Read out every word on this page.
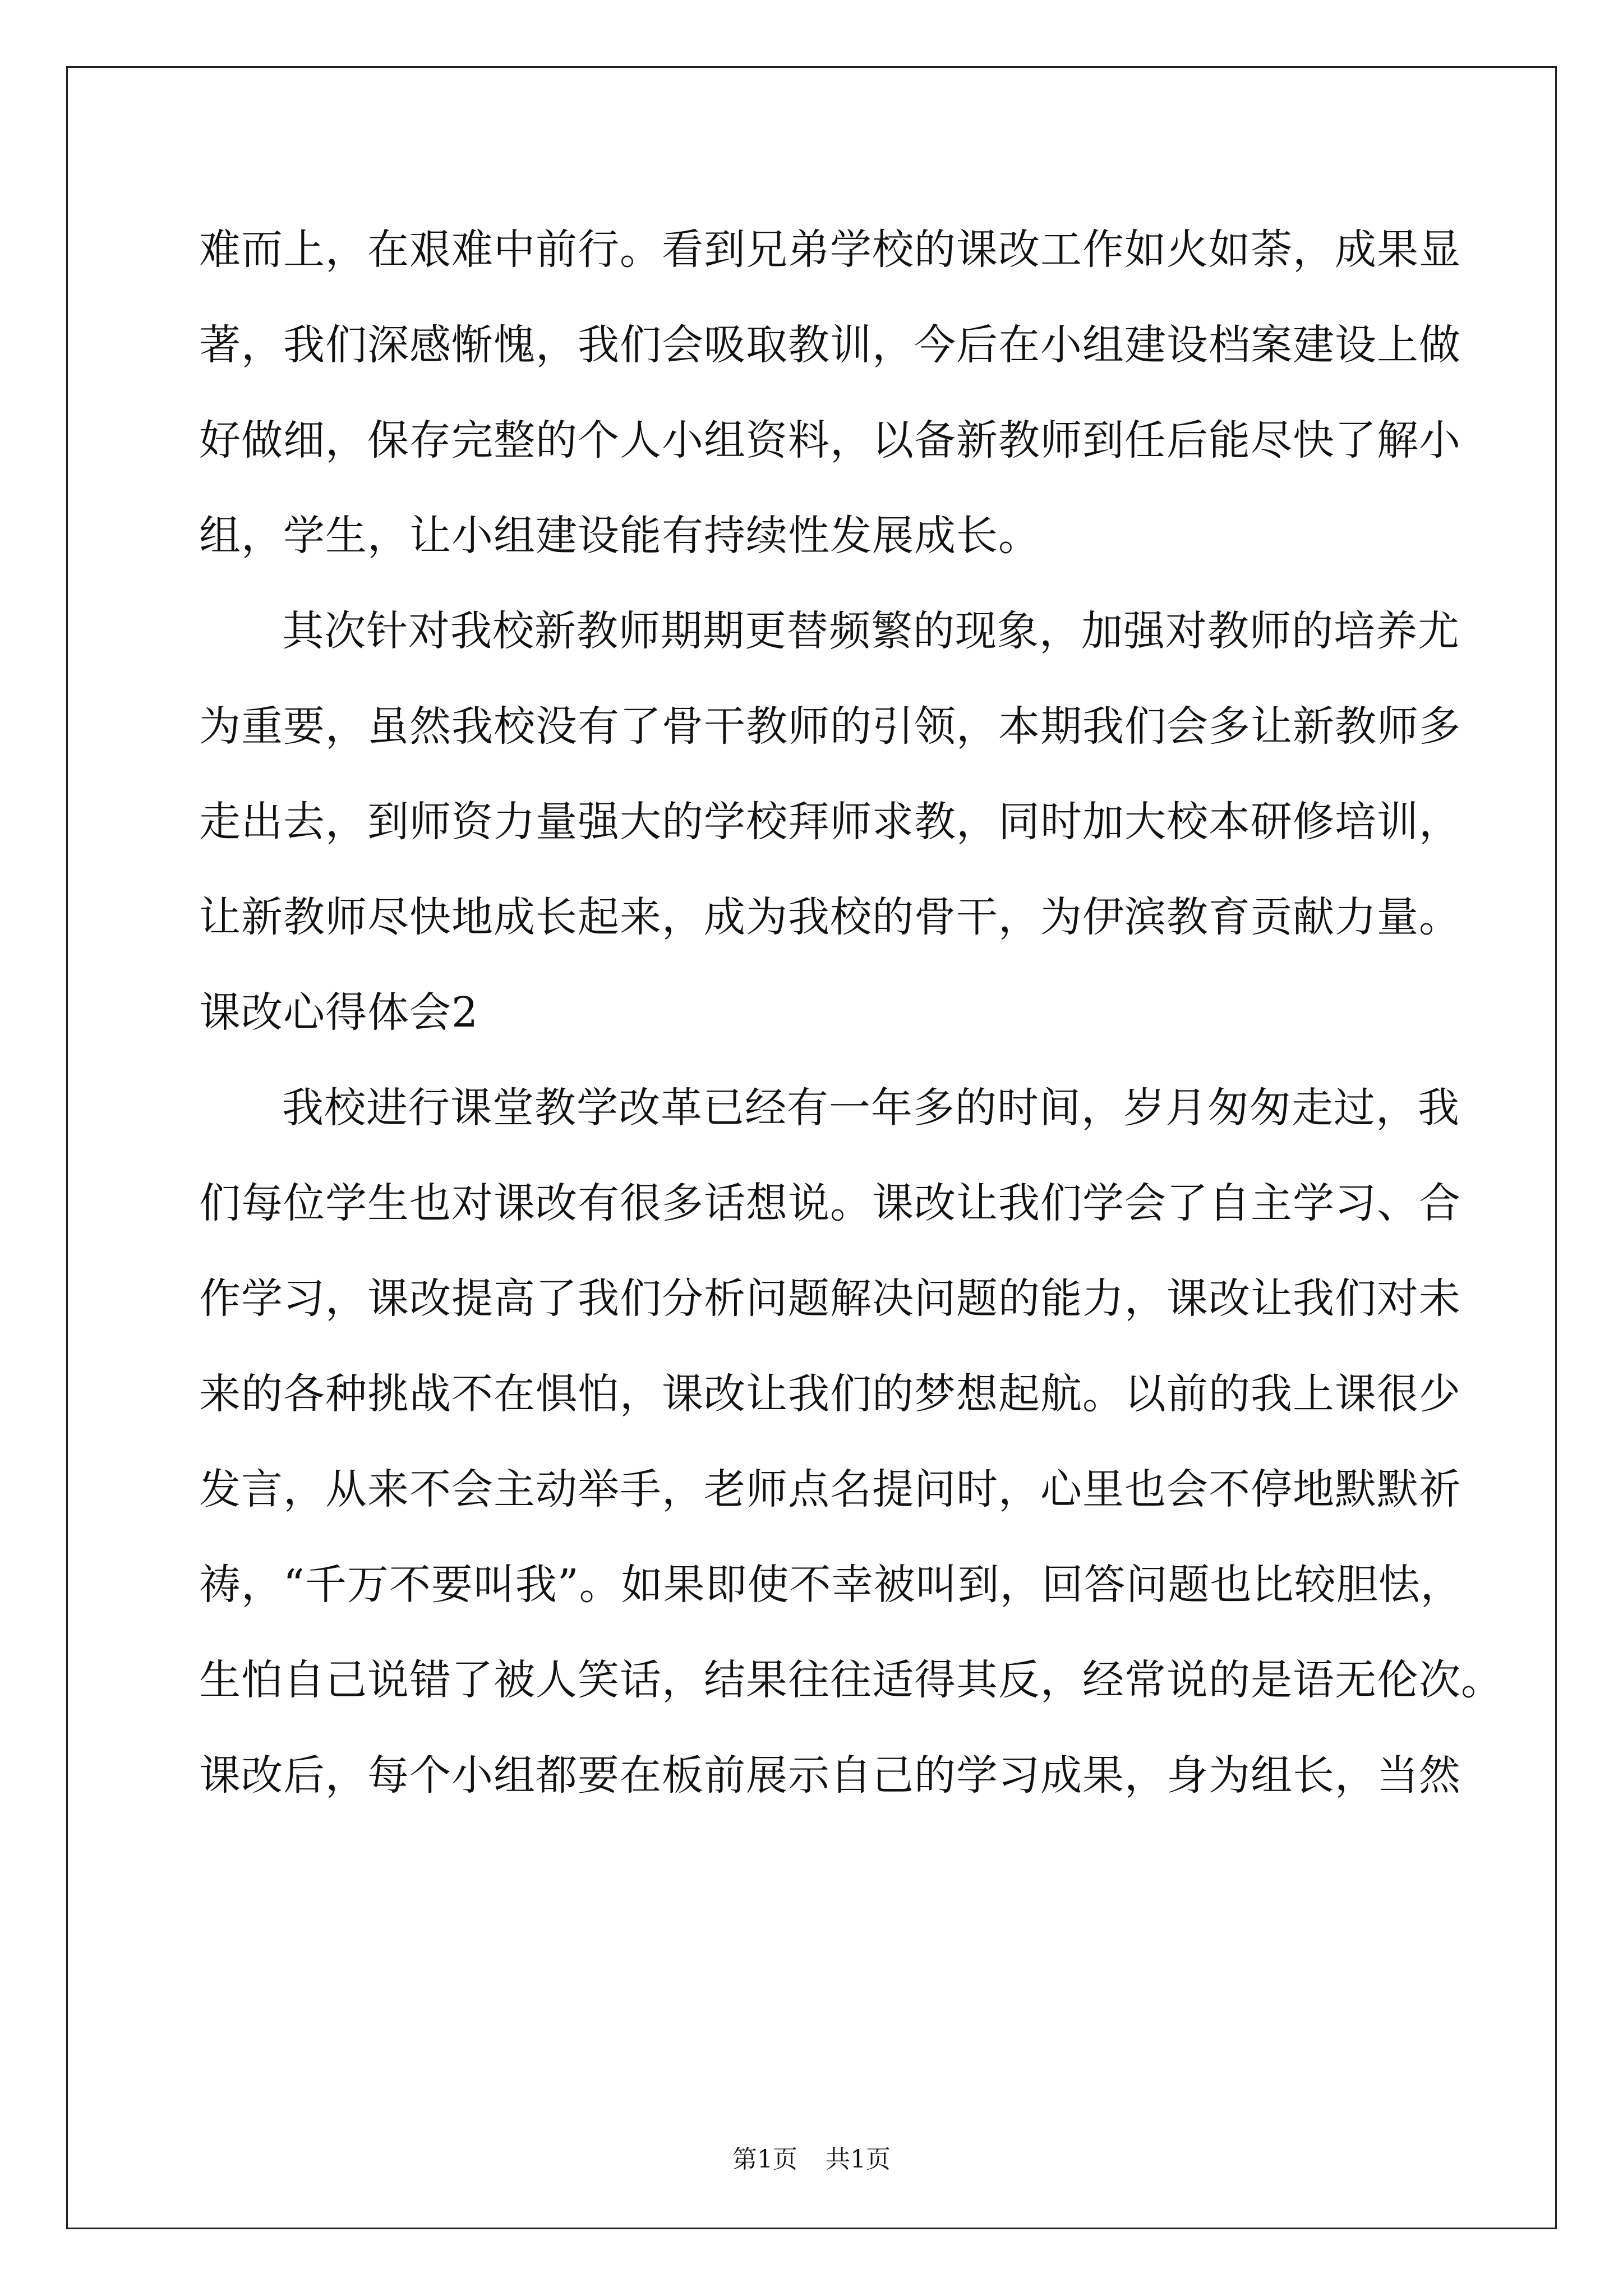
难而上，在艰难中前行。看到兄弟学校的课改工作如火如荼，成果显
著，我们深感惭愧，我们会吸取教训，今后在小组建设档案建设上做
好做细，保存完整的个人小组资料，以备新教师到任后能尽快了解小
组，学生，让小组建设能有持续性发展成长。
其次针对我校新教师期期更替频繁的现象，加强对教师的培养尤
为重要，虽然我校没有了骨干教师的引领，本期我们会多让新教师多
走出去，到师资力量强大的学校拜师求教，同时加大校本研修培训，
让新教师尽快地成长起来，成为我校的骨干，为伊滨教育贡献力量。
课改心得体会2
我校进行课堂教学改革已经有一年多的时间，岁月匆匆走过，我
们每位学生也对课改有很多话想说。课改让我们学会了自主学习、合
作学习，课改提高了我们分析问题解决问题的能力，课改让我们对未
来的各种挑战不在惧怕，课改让我们的梦想起航。以前的我上课很少
发言，从来不会主动举手，老师点名提问时，心里也会不停地默默祈
祷，“千万不要叫我”。如果即使不幸被叫到，回答问题也比较胆怯，
生怕自己说错了被人笑话，结果往往适得其反，经常说的是语无伦次。
课改后，每个小组都要在板前展示自己的学习成果，身为组长，当然
第1页 共1页
